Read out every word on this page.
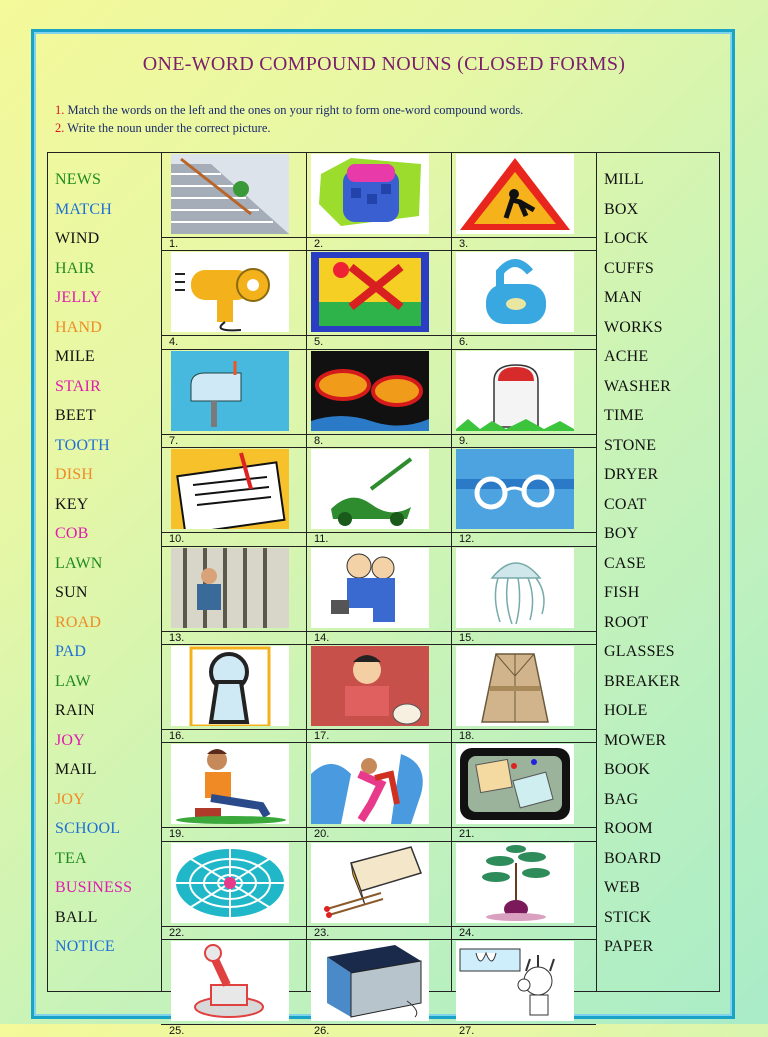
ONE-WORD COMPOUND NOUNS (CLOSED FORMS)
1. Match the words on the left and the ones on your right to form one-word compound words.
2. Write the noun under the correct picture.
1.	2.	3.
4.	5.	6.
7.	8.	9.
10.	11.	12.
13.	14.	15.
16.	17.	18.
19.	20.	21.
22.	23.	24.
25.	26.	27.
NEWS
MATCH
WIND
HAIR
JELLY
HAND
MILE
STAIR
BEET
TOOTH
DISH
KEY
COB
LAWN
SUN
ROAD
PAD
LAW
RAIN
JOY
MAIL
JOY
SCHOOL
TEA
BUSINESS
BALL
NOTICE
MILL
BOX
LOCK
CUFFS
MAN
WORKS
ACHE
WASHER
TIME
STONE
DRYER
COAT
BOY
CASE
FISH
ROOT
GLASSES
BREAKER
HOLE
MOWER
BOOK
BAG
ROOM
BOARD
WEB
STICK
PAPER
